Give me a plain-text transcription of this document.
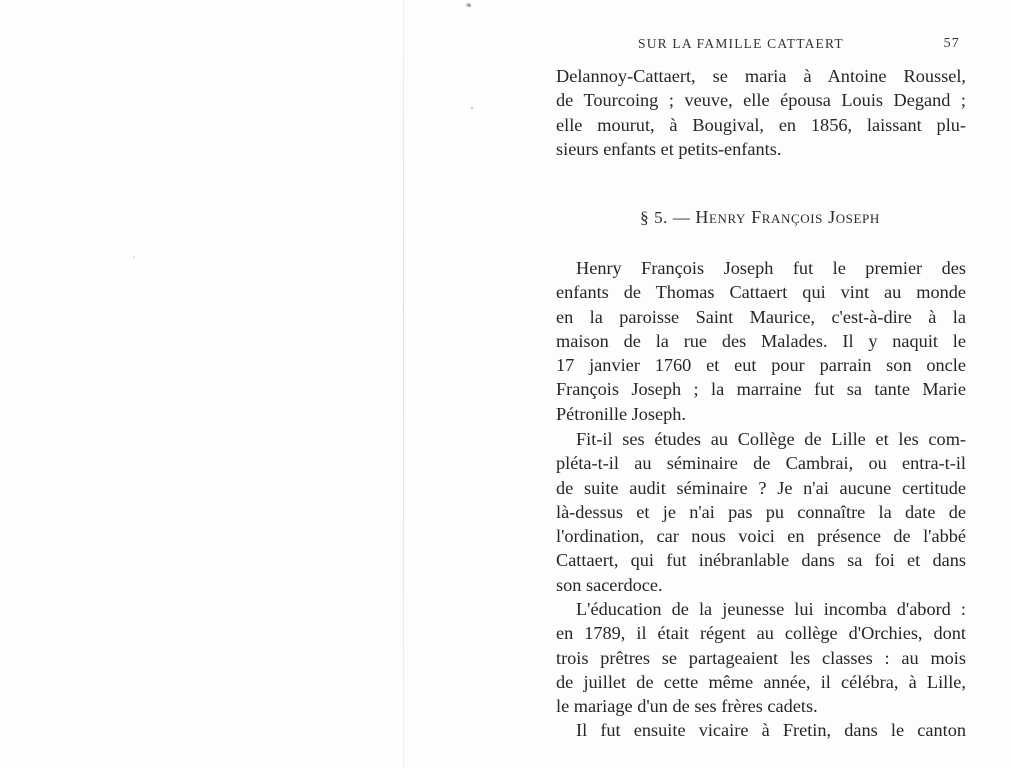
SUR LA FAMILLE CATTAERT	57
Delannoy-Cattaert, se maria à Antoine Roussel,
de Tourcoing ; veuve, elle épousa Louis Degand ;
elle mourut, à Bougival, en 1856, laissant plu-
sieurs enfants et petits-enfants.
§ 5. — Henry François Joseph
Henry François Joseph fut le premier des
enfants de Thomas Cattaert qui vint au monde
en la paroisse Saint Maurice, c'est-à-dire à la
maison de la rue des Malades. Il y naquit le
17 janvier 1760 et eut pour parrain son oncle
François Joseph ; la marraine fut sa tante Marie
Pétronille Joseph.
Fit-il ses études au Collège de Lille et les com-
pléta-t-il au séminaire de Cambrai, ou entra-t-il
de suite audit séminaire ? Je n'ai aucune certitude
là-dessus et je n'ai pas pu connaître la date de
l'ordination, car nous voici en présence de l'abbé
Cattaert, qui fut inébranlable dans sa foi et dans
son sacerdoce.
L'éducation de la jeunesse lui incomba d'abord :
en 1789, il était régent au collège d'Orchies, dont
trois prêtres se partageaient les classes : au mois
de juillet de cette même année, il célébra, à Lille,
le mariage d'un de ses frères cadets.
Il fut ensuite vicaire à Fretin, dans le canton
